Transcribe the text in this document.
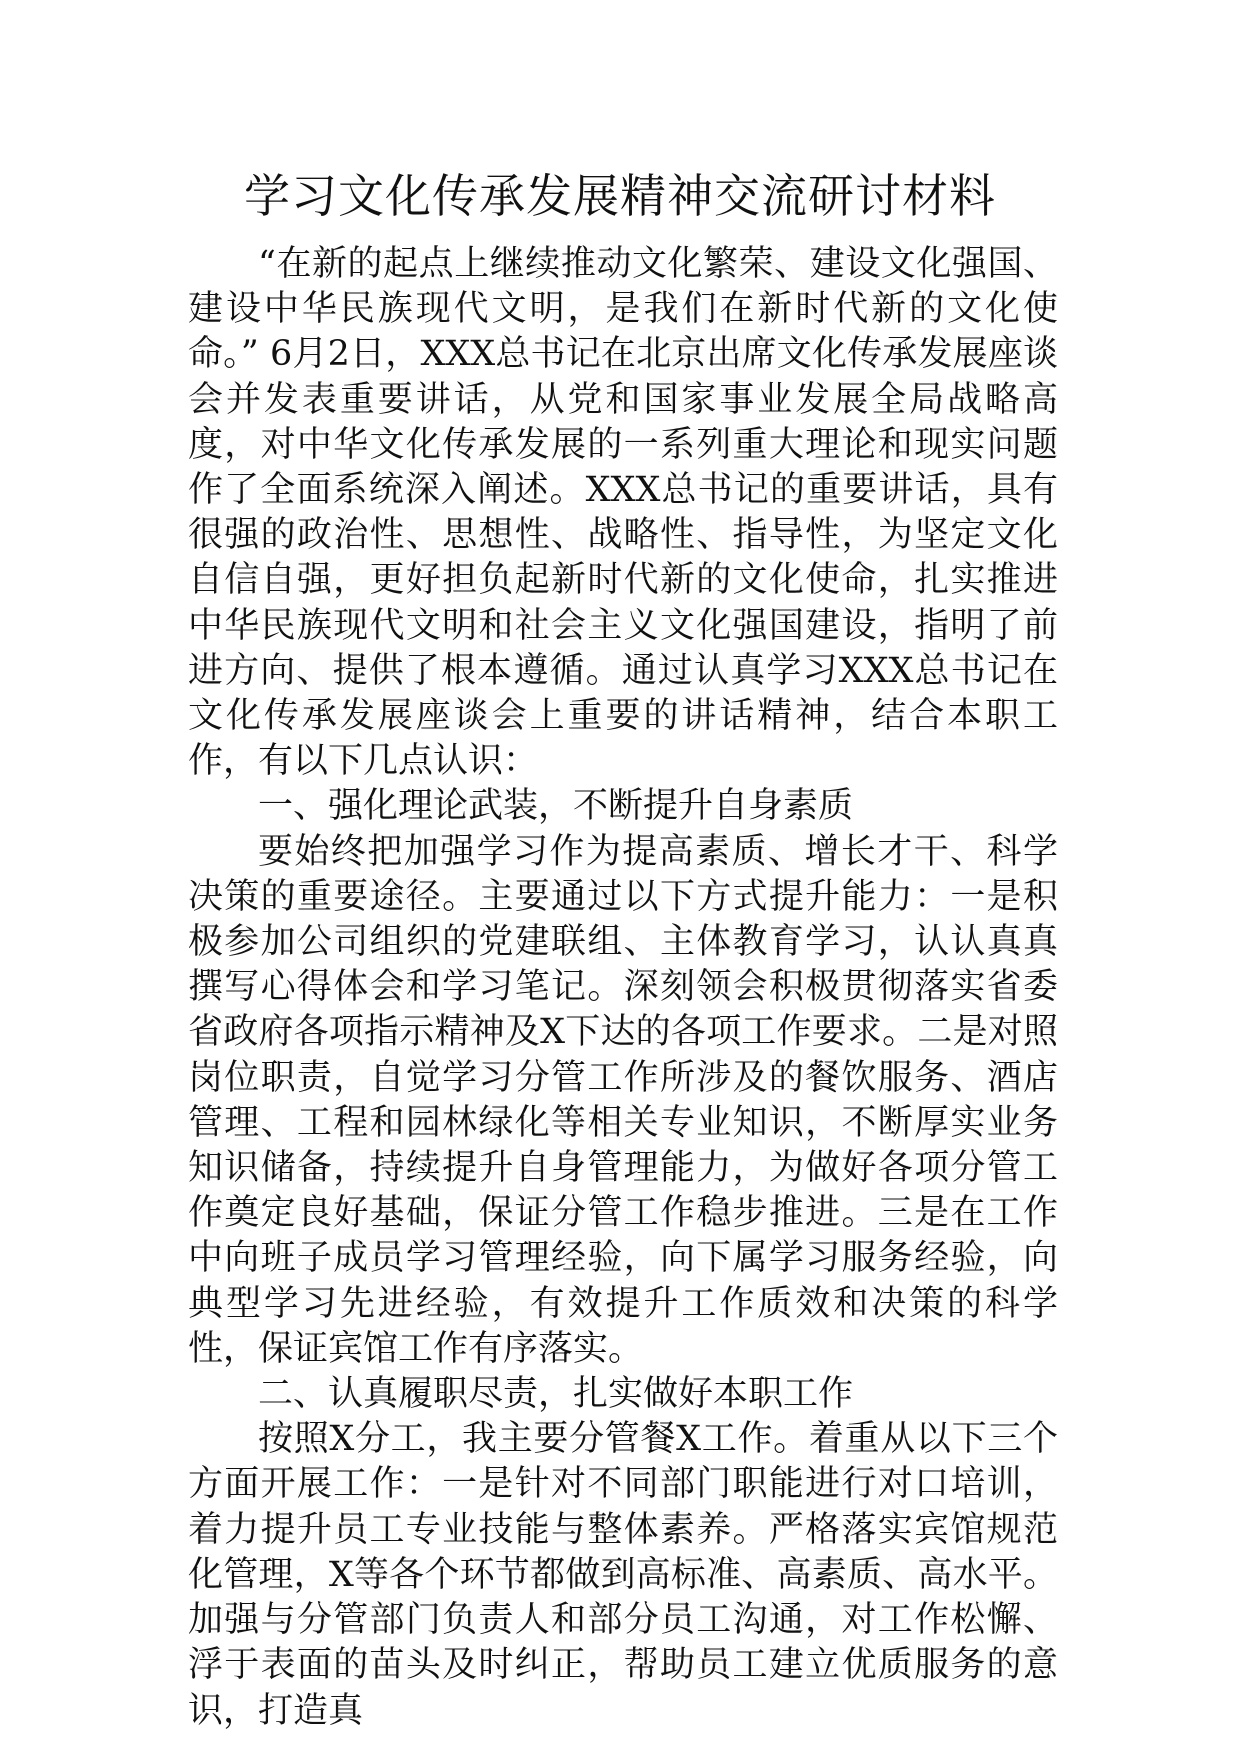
学习文化传承发展精神交流研讨材料

“在新的起点上继续推动文化繁荣、建设文化强国、建设中华民族现代文明，是我们在新时代新的文化使命。” 6月2日，XXX总书记在北京出席文化传承发展座谈会并发表重要讲话，从党和国家事业发展全局战略高度，对中华文化传承发展的一系列重大理论和现实问题作了全面系统深入阐述。XXX总书记的重要讲话，具有很强的政治性、思想性、战略性、指导性，为坚定文化自信自强，更好担负起新时代新的文化使命，扎实推进中华民族现代文明和社会主义文化强国建设，指明了前进方向、提供了根本遵循。通过认真学习XXX总书记在文化传承发展座谈会上重要的讲话精神，结合本职工作，有以下几点认识：

一、强化理论武装，不断提升自身素质

要始终把加强学习作为提高素质、增长才干、科学决策的重要途径。主要通过以下方式提升能力：一是积极参加公司组织的党建联组、主体教育学习，认认真真撰写心得体会和学习笔记。深刻领会积极贯彻落实省委省政府各项指示精神及X下达的各项工作要求。二是对照岗位职责，自觉学习分管工作所涉及的餐饮服务、酒店管理、工程和园林绿化等相关专业知识，不断厚实业务知识储备，持续提升自身管理能力，为做好各项分管工作奠定良好基础，保证分管工作稳步推进。三是在工作中向班子成员学习管理经验，向下属学习服务经验，向典型学习先进经验，有效提升工作质效和决策的科学性，保证宾馆工作有序落实。

二、认真履职尽责，扎实做好本职工作

按照X分工，我主要分管餐X工作。着重从以下三个方面开展工作：一是针对不同部门职能进行对口培训，着力提升员工专业技能与整体素养。严格落实宾馆规范化管理，X等各个环节都做到高标准、高素质、高水平。加强与分管部门负责人和部分员工沟通，对工作松懈、浮于表面的苗头及时纠正，帮助员工建立优质服务的意识，打造真
